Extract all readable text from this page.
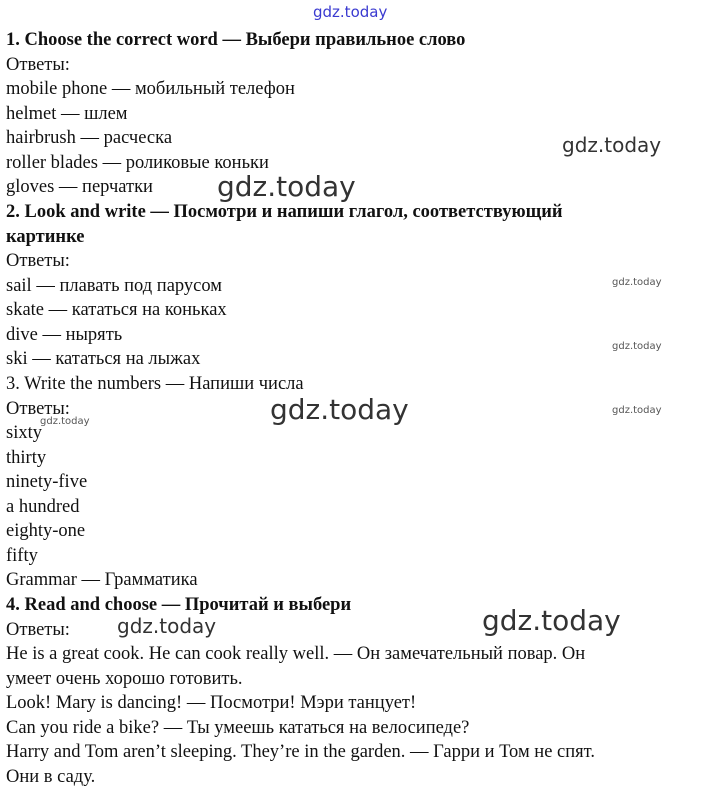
gdz.today
gdz.today
gdz.today
gdz.today
gdz.today
gdz.today	gdz.today
gdz.today
gdz.today
gdz.today
1. Choose the correct word — Выбери правильное слово
Ответы:
mobile phone — мобильный телефон
helmet — шлем
hairbrush — расческа
roller blades — роликовые коньки
gloves — перчатки
2. Look and write — Посмотри и напиши глагол, соответствующий
картинке
Ответы:
sail — плавать под парусом
skate — кататься на коньках
dive — нырять
ski — кататься на лыжах
3. Write the numbers — Напиши числа
Ответы:
sixty
thirty
ninety-five
a hundred
eighty-one
fifty
Grammar — Грамматика
4. Read and choose — Прочитай и выбери
Ответы:
He is a great cook. He can cook really well. — Он замечательный повар. Он
умеет очень хорошо готовить.
Look! Mary is dancing! — Посмотри! Мэри танцует!
Can you ride a bike? — Ты умеешь кататься на велосипеде?
Harry and Tom aren’t sleeping. They’re in the garden. — Гарри и Том не спят.
Они в саду.
